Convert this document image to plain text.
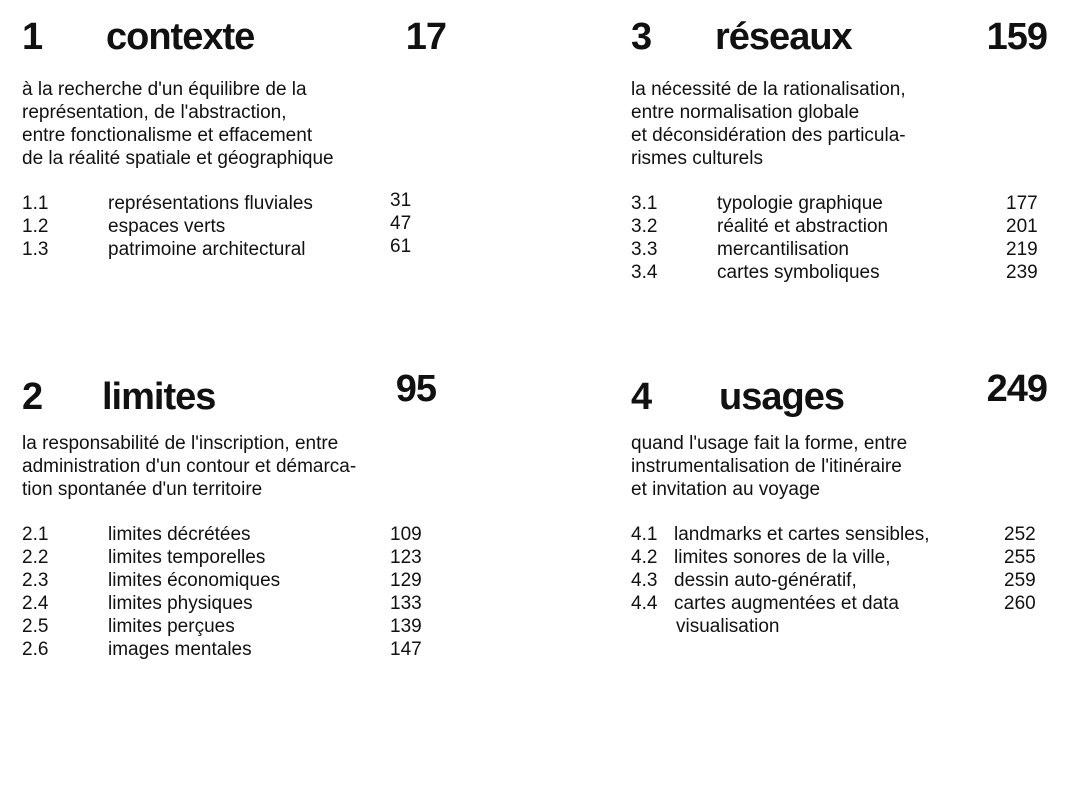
1 contexte	17
à la recherche d'un équilibre de la
représentation, de l'abstraction,
entre fonctionalisme et effacement
de la réalité spatiale et géographique
1.1	représentations fluviales	31
1.2	espaces verts	47
1.3	patrimoine architectural	61
3 réseaux	159
la nécessité de la rationalisation,
entre normalisation globale
et déconsidération des particula-
rismes culturels
3.1	typologie graphique	177
3.2	réalité et abstraction	201
3.3	mercantilisation	219
3.4	cartes symboliques	239
2 limites	95
la responsabilité de l'inscription, entre
administration d'un contour et démarca-
tion spontanée d'un territoire
2.1	limites décrétées	109
2.2	limites temporelles	123
2.3	limites économiques	129
2.4	limites physiques	133
2.5	limites perçues	139
2.6	images mentales	147
4 usages	249
quand l'usage fait la forme, entre
instrumentalisation de l'itinéraire
et invitation au voyage
4.1 landmarks et cartes sensibles,	252
4.2 limites sonores de la ville,	255
4.3 dessin auto-génératif,	259
4.4 cartes augmentées et data	260
visualisation
